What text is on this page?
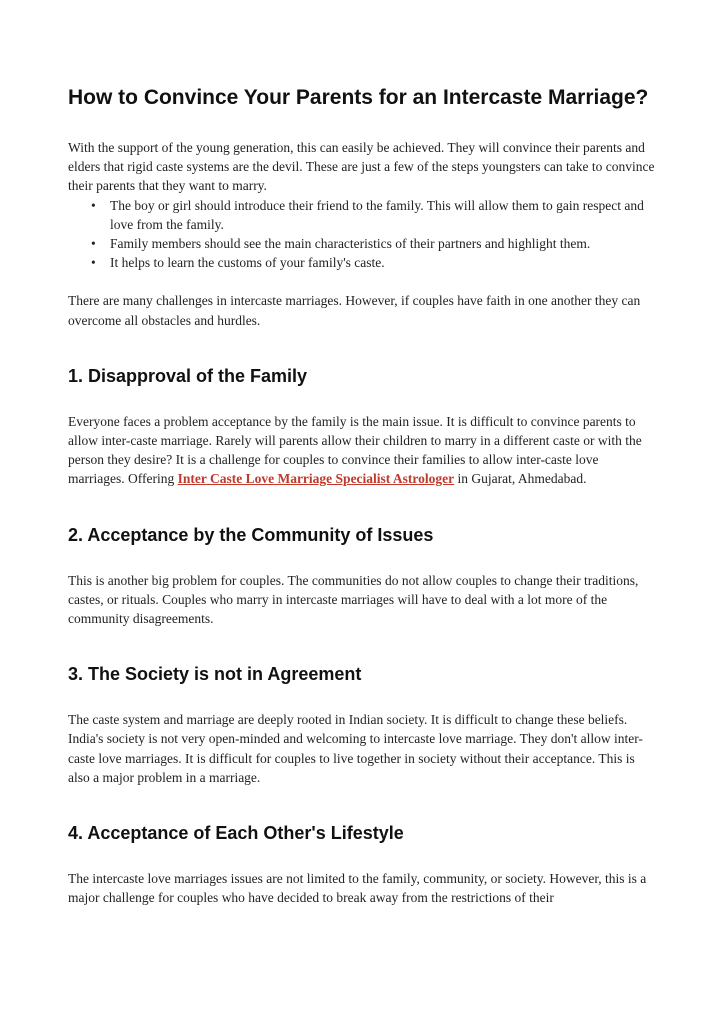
How to Convince Your Parents for an Intercaste Marriage?

With the support of the young generation, this can easily be achieved. They will convince their parents and elders that rigid caste systems are the devil. These are just a few of the steps youngsters can take to convince their parents that they want to marry.

• The boy or girl should introduce their friend to the family. This will allow them to gain respect and love from the family.
• Family members should see the main characteristics of their partners and highlight them.
• It helps to learn the customs of your family's caste.

There are many challenges in intercaste marriages. However, if couples have faith in one another they can overcome all obstacles and hurdles.

1. Disapproval of the Family

Everyone faces a problem acceptance by the family is the main issue. It is difficult to convince parents to allow inter-caste marriage. Rarely will parents allow their children to marry in a different caste or with the person they desire? It is a challenge for couples to convince their families to allow inter-caste love marriages. Offering Inter Caste Love Marriage Specialist Astrologer in Gujarat, Ahmedabad.

2. Acceptance by the Community of Issues

This is another big problem for couples. The communities do not allow couples to change their traditions, castes, or rituals. Couples who marry in intercaste marriages will have to deal with a lot more of the community disagreements.

3. The Society is not in Agreement

The caste system and marriage are deeply rooted in Indian society. It is difficult to change these beliefs. India's society is not very open-minded and welcoming to intercaste love marriage. They don't allow inter-caste love marriages. It is difficult for couples to live together in society without their acceptance. This is also a major problem in a marriage.

4. Acceptance of Each Other's Lifestyle

The intercaste love marriages issues are not limited to the family, community, or society. However, this is a major challenge for couples who have decided to break away from the restrictions of their
